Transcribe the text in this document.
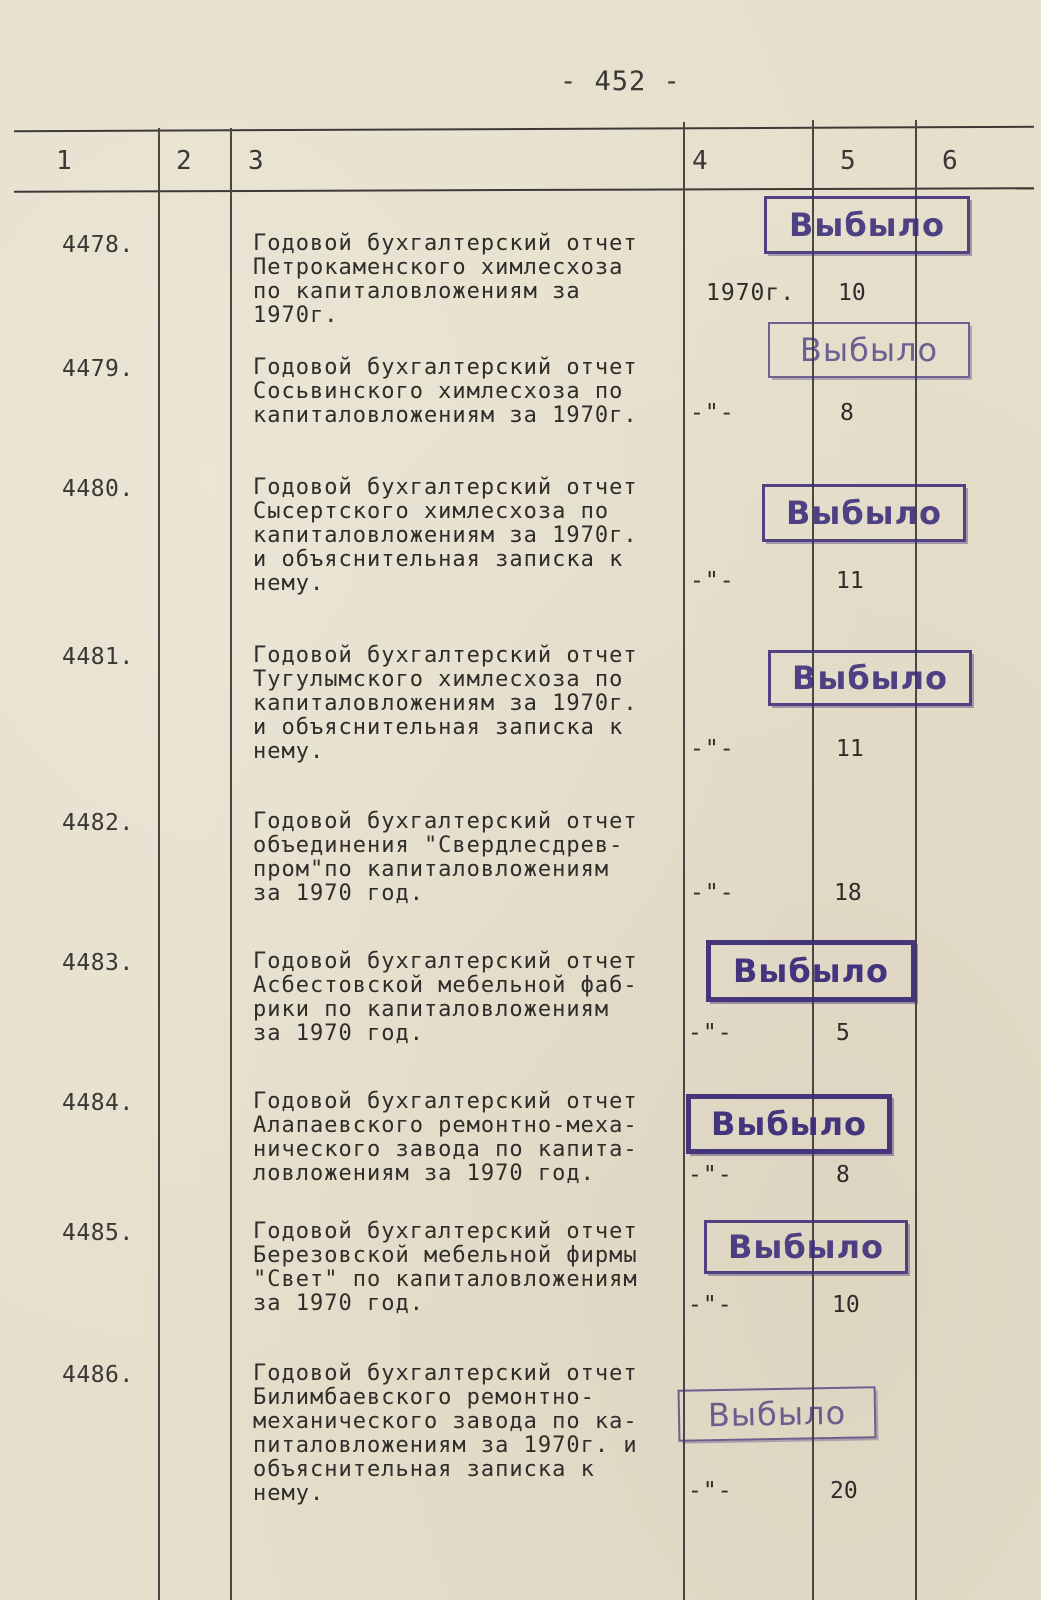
- 452 -
1	2 3	4	5	6
4478.	Годовой бухгалтерский отчет
Петрокаменского химлесхоза
по капиталовложениям за 1970г.
1970г. 10
Выбыло
4479.	Годовой бухгалтерский отчет
Сосьвинского химлесхоза по
капиталовложениям за 1970г.	-"-	8
Выбыло
4480.	Годовой бухгалтерский отчет
Сысертского химлесхоза по
капиталовложениям за 1970г.
и объяснительная записка к
нему.	-"-	11
Выбыло
4481.	Годовой бухгалтерский отчет
Тугулымского химлесхоза по
капиталовложениям за 1970г.
и объяснительная записка к
нему.	-"-	11
Выбыло
4482.	Годовой бухгалтерский отчет
объединения "Свердлесдрев-
пром"по капиталовложениям
за 1970 год.	-"-	18
4483.	Годовой бухгалтерский отчет
Асбестовской мебельной фаб-
рики по капиталовложениям
за 1970 год.	-"-	5
Выбыло
4484.	Годовой бухгалтерский отчет
Алапаевского ремонтно-меха-
нического завода по капита-
ловложениям за 1970 год.	-"-	8
Выбыло
4485.	Годовой бухгалтерский отчет
Березовской мебельной фирмы
"Свет" по капиталовложениям
за 1970 год.	-"-	10
Выбыло
4486.	Годовой бухгалтерский отчет
Билимбаевского ремонтно-
механического завода по ка-
питаловложениям за 1970г. и
объяснительная записка к
нему.	-"-	20
Выбыло
